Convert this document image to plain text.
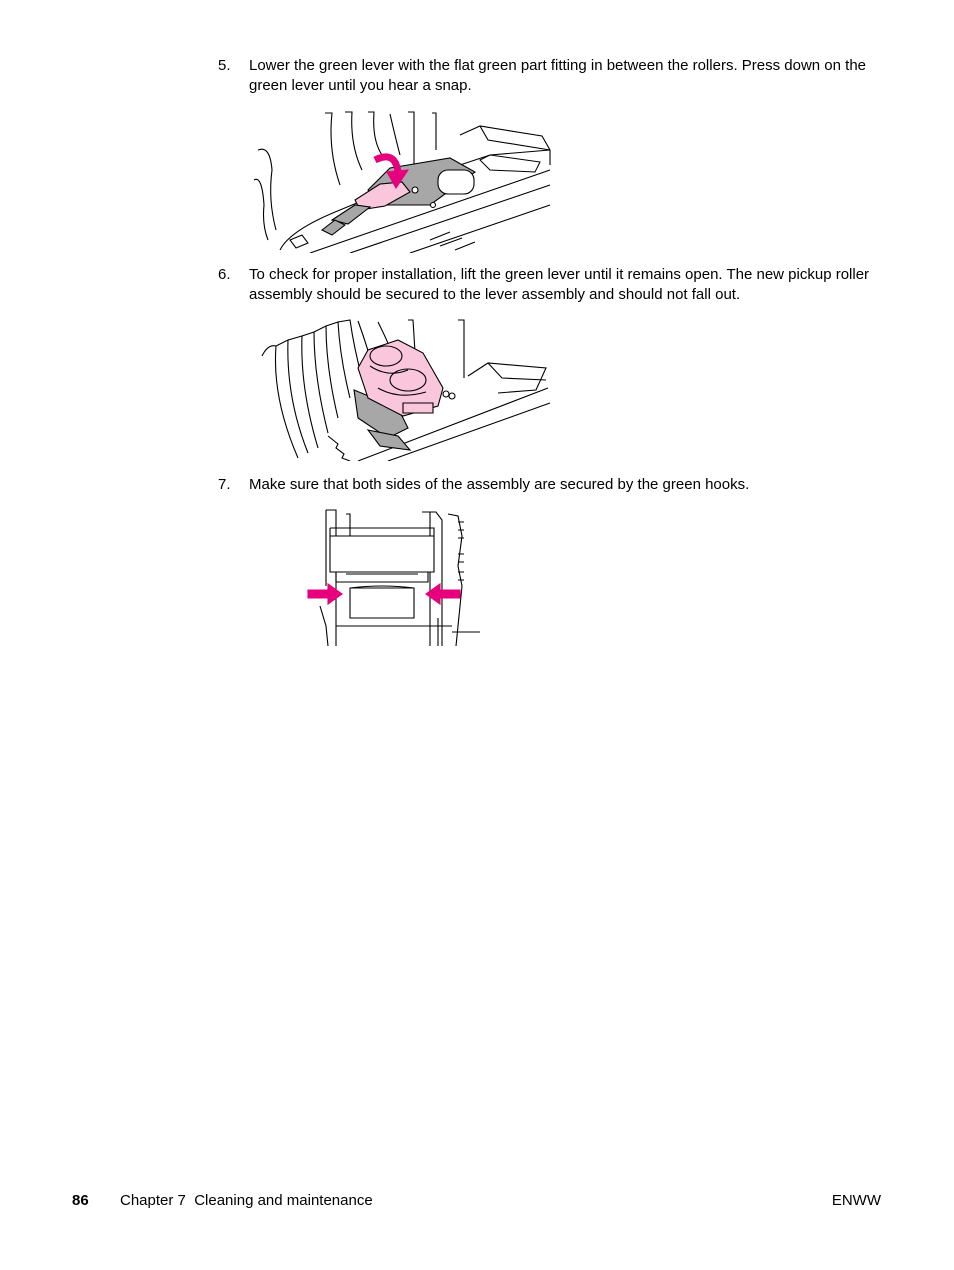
5.	Lower the green lever with the flat green part fitting in between the rollers. Press down on the green lever until you hear a snap.
6.	To check for proper installation, lift the green lever until it remains open. The new pickup roller assembly should be secured to the lever assembly and should not fall out.
7.	Make sure that both sides of the assembly are secured by the green hooks.
86 Chapter 7  Cleaning and maintenance	ENWW
